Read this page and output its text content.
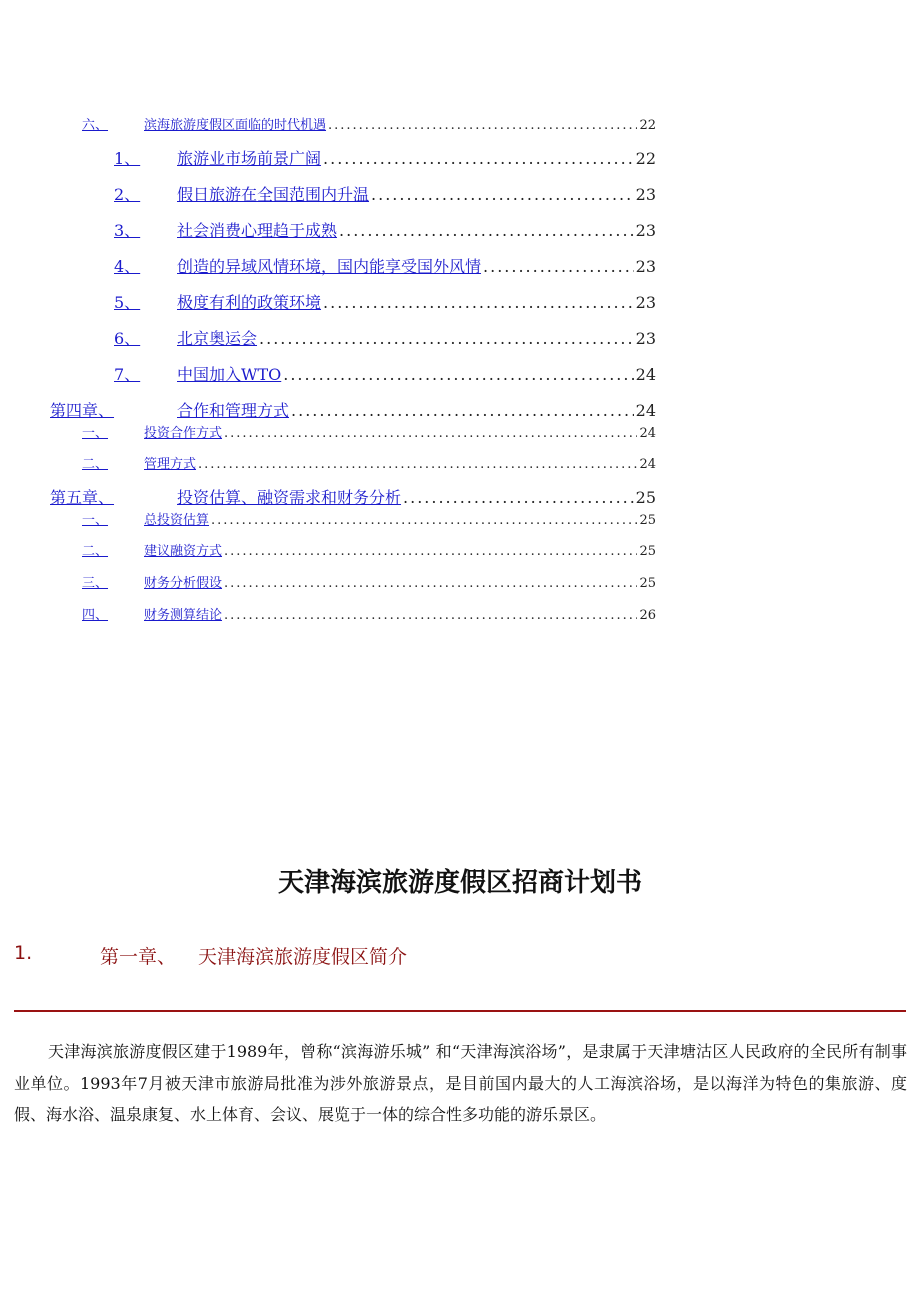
六、	滨海旅游度假区面临的时代机遇 .....	22
1、 旅游业市场前景广阔 .....	22
2、 假日旅游在全国范围内升温 .....	23
3、 社会消费心理趋于成熟 .....	23
4、 创造的异域风情环境，国内能享受国外风情 .....	23
5、 极度有利的政策环境 .....	23
6、 北京奥运会 .....	23
7、 中国加入WTO .....	24
第四章、	合作和管理方式 .....	24
一、	投资合作方式 .....	24
二、	管理方式 .....	24
第五章、	投资估算、融资需求和财务分析 .....	25
一、	总投资估算 .....	25
二、	建议融资方式 .....	25
三、	财务分析假设 .....	25
四、	财务测算结论 .....	26
天津海滨旅游度假区招商计划书
1.	第一章、 天津海滨旅游度假区简介
天津海滨旅游度假区建于1989年，曾称“滨海游乐城” 和“天津海滨浴场”，是隶属于天津塘沽区人民政府的全民所有制事业单位。1993年7月被天津市旅游局批准为涉外旅游景点，是目前国内最大的人工海滨浴场，是以海洋为特色的集旅游、度假、海水浴、温泉康复、水上体育、会议、展览于一体的综合性多功能的游乐景区。
